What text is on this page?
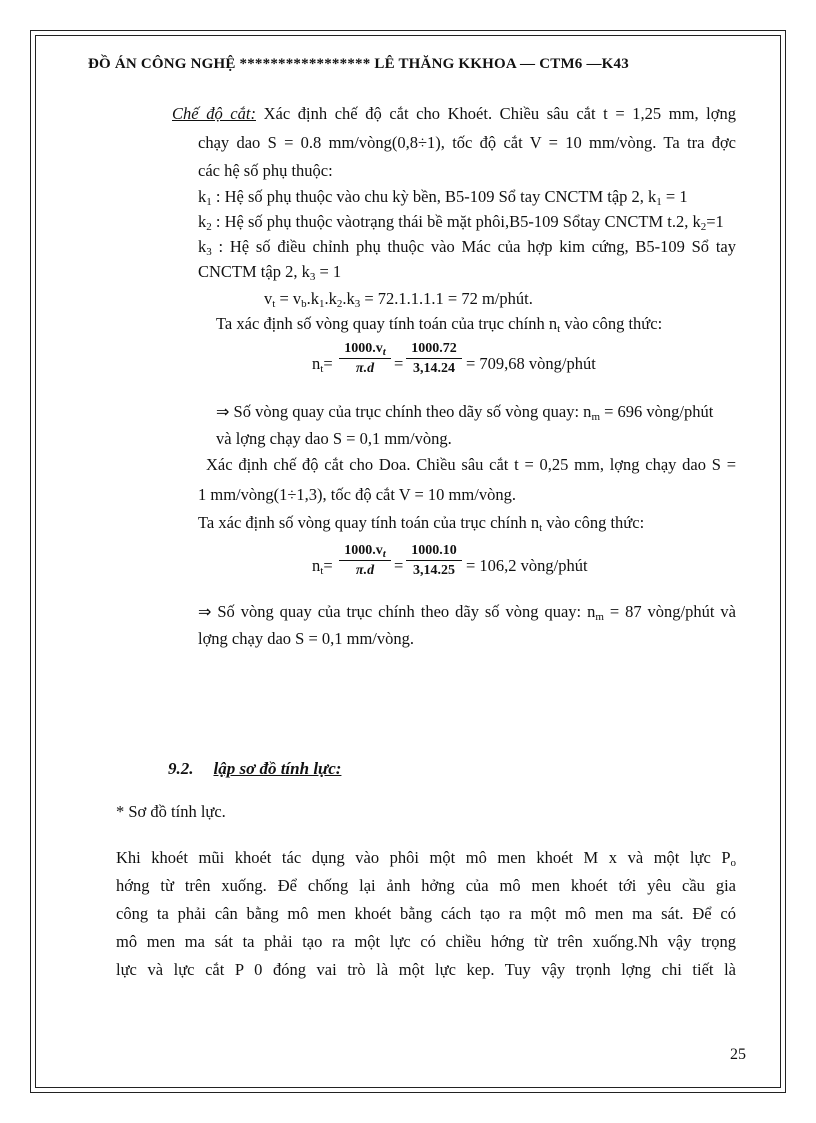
ĐỒ ÁN CÔNG NGHỆ ***************** LÊ THĂNG KKHOA — CTM6 —K43
Chế độ cắt: Xác định chế độ cắt cho Khoét. Chiều sâu cắt t = 1,25 mm, lợng
chạy dao S = 0.8 mm/vòng(0,8÷1), tốc độ cắt V = 10 mm/vòng. Ta tra đợc
các hệ số phụ thuộc:
$k_1$ : Hệ số phụ thuộc vào chu kỳ bền, B5-109 Sổ tay CNCTM tập 2, $k_1 = 1$
$k_2$ : Hệ số phụ thuộc vàotrạng thái bề mặt phôi,B5-109 Sổtay CNCTM t.2, $k_2=1$
$k_3$ : Hệ số điều chỉnh phụ thuộc vào Mác của hợp kim cứng, B5-109 Sổ tay
CNCTM tập 2, $k_3 = 1$
$v_t = v_b.k_1.k_2.k_3 = 72.1.1.1.1 = 72$ m/phút.
Ta xác định số vòng quay tính toán của trục chính $n_t$ vào công thức:
$n_t= \frac{1000.v_t}{\pi.d} = \frac{1000.72}{3,14.24} = 709,68$ vòng/phút
⇒ Số vòng quay của trục chính theo dãy số vòng quay: $n_m = 696$ vòng/phút
và lợng chạy dao S = 0,1 mm/vòng.
Xác định chế độ cắt cho Doa. Chiều sâu cắt t = 0,25 mm, lợng chạy dao S =
1 mm/vòng(1÷1,3), tốc độ cắt V = 10 mm/vòng.
Ta xác định số vòng quay tính toán của trục chính $n_t$ vào công thức:
$n_t= \frac{1000.v_t}{\pi.d} = \frac{1000.10}{3,14.25} = 106,2$ vòng/phút
⇒ Số vòng quay của trục chính theo dãy số vòng quay: $n_m = 87$ vòng/phút và
lợng chạy dao S = 0,1 mm/vòng.
9.2. lập sơ đồ tính lực:
* Sơ đồ tính lực.
Khi khoét mũi khoét tác dụng vào phôi một mô men khoét M x và một lực $P_o$
hớng từ trên xuống. Để chống lại ảnh hởng của mô men khoét tới yêu cầu gia
công ta phải cân bằng mô men khoét bằng cách tạo ra một mô men ma sát. Để có
mô men ma sát ta phải tạo ra một lực có chiều hớng từ trên xuống.Nh vậy trọng
lực và lực cắt P 0 đóng vai trò là một lực kep. Tuy vậy trọnh lợng chi tiết là
25
